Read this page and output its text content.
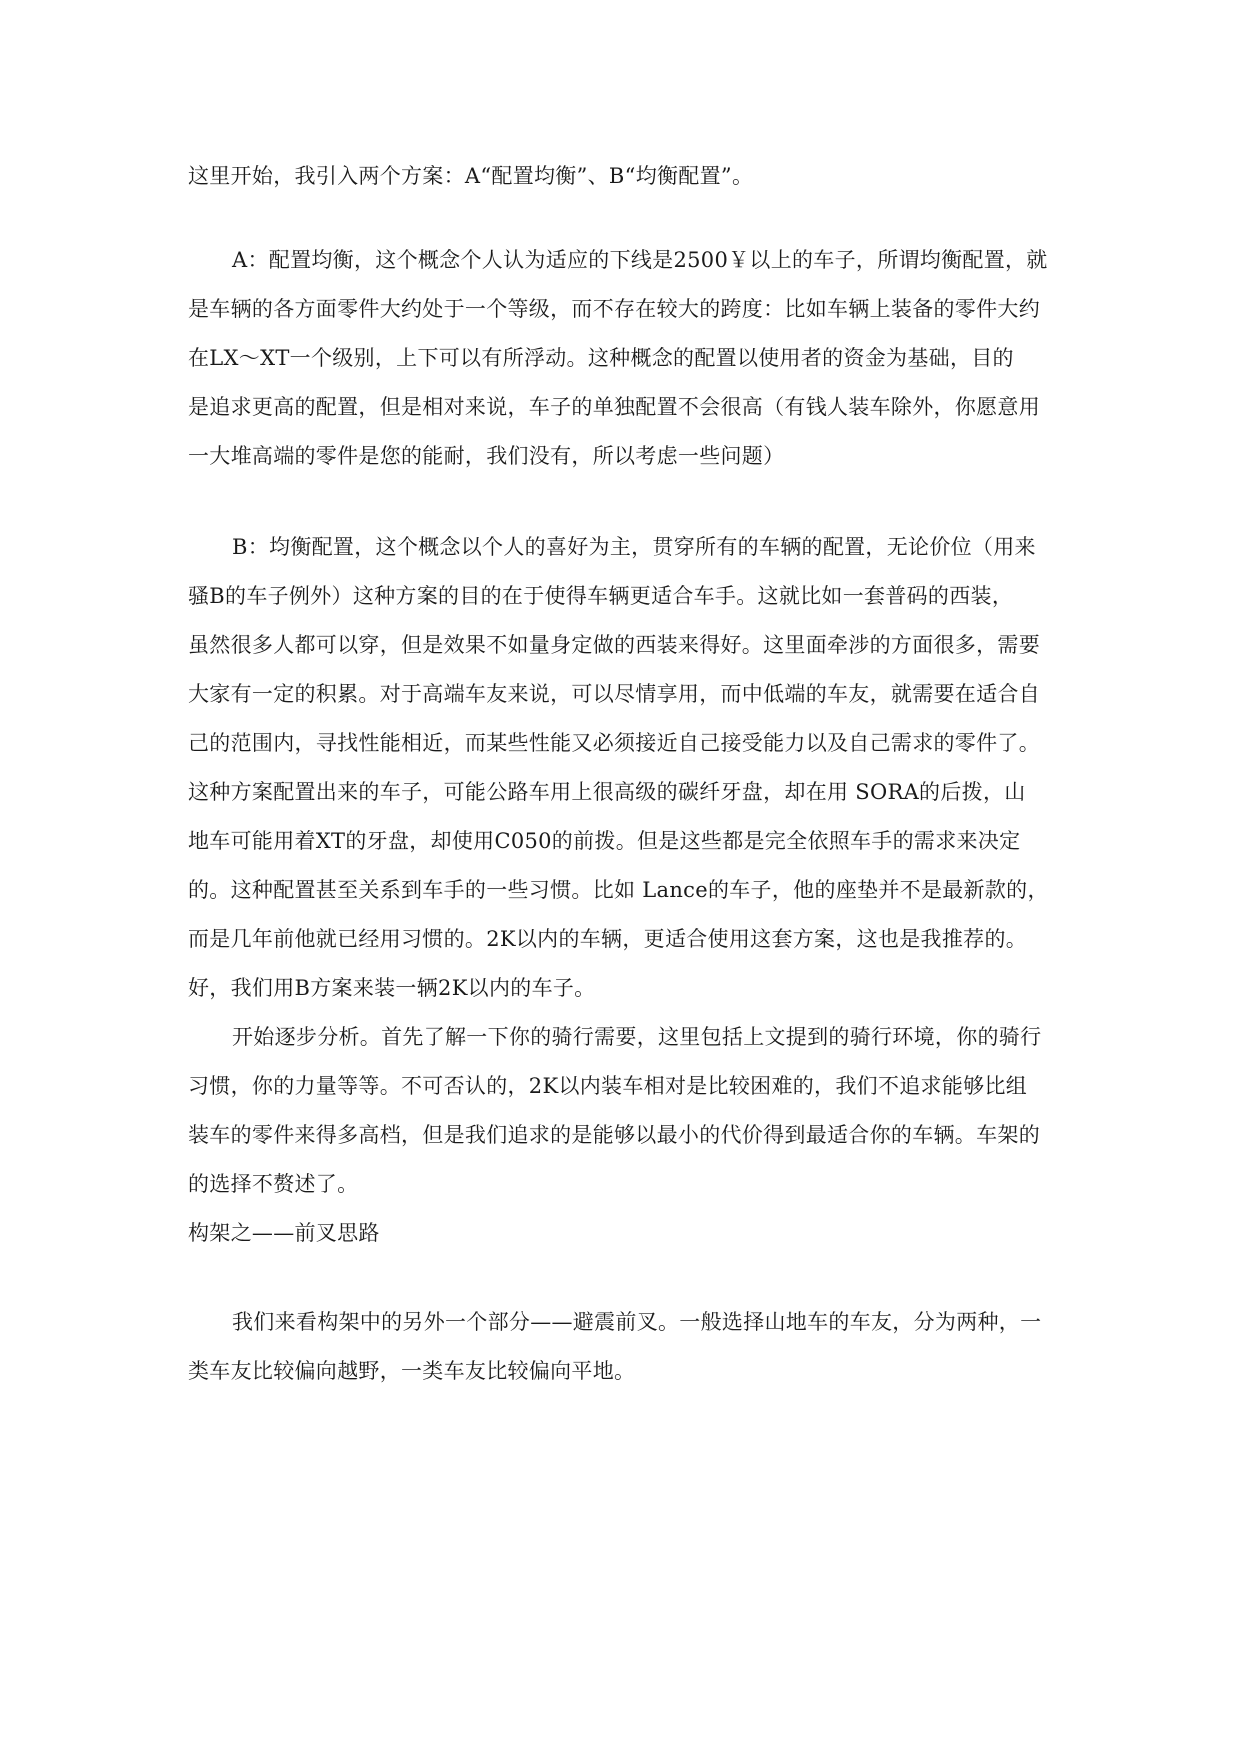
这里开始，我引入两个方案：A“配置均衡”、B“均衡配置”。
A：配置均衡，这个概念个人认为适应的下线是2500￥以上的车子，所谓均衡配置，就
是车辆的各方面零件大约处于一个等级，而不存在较大的跨度：比如车辆上装备的零件大约
在LX～XT一个级别，上下可以有所浮动。这种概念的配置以使用者的资金为基础，目的
是追求更高的配置，但是相对来说，车子的单独配置不会很高（有钱人装车除外，你愿意用
一大堆高端的零件是您的能耐，我们没有，所以考虑一些问题）
B：均衡配置，这个概念以个人的喜好为主，贯穿所有的车辆的配置，无论价位（用来
骚B的车子例外）这种方案的目的在于使得车辆更适合车手。这就比如一套普码的西装，
虽然很多人都可以穿，但是效果不如量身定做的西装来得好。这里面牵涉的方面很多，需要
大家有一定的积累。对于高端车友来说，可以尽情享用，而中低端的车友，就需要在适合自
己的范围内，寻找性能相近，而某些性能又必须接近自己接受能力以及自己需求的零件了。
这种方案配置出来的车子，可能公路车用上很高级的碳纤牙盘，却在用 SORA的后拨，山
地车可能用着XT的牙盘，却使用C050的前拨。但是这些都是完全依照车手的需求来决定
的。这种配置甚至关系到车手的一些习惯。比如 Lance的车子，他的座垫并不是最新款的，
而是几年前他就已经用习惯的。2K以内的车辆，更适合使用这套方案，这也是我推荐的。
好，我们用B方案来装一辆2K以内的车子。
开始逐步分析。首先了解一下你的骑行需要，这里包括上文提到的骑行环境，你的骑行
习惯，你的力量等等。不可否认的，2K以内装车相对是比较困难的，我们不追求能够比组
装车的零件来得多高档，但是我们追求的是能够以最小的代价得到最适合你的车辆。车架的
的选择不赘述了。
构架之——前叉思路
我们来看构架中的另外一个部分——避震前叉。一般选择山地车的车友，分为两种，一
类车友比较偏向越野，一类车友比较偏向平地。
